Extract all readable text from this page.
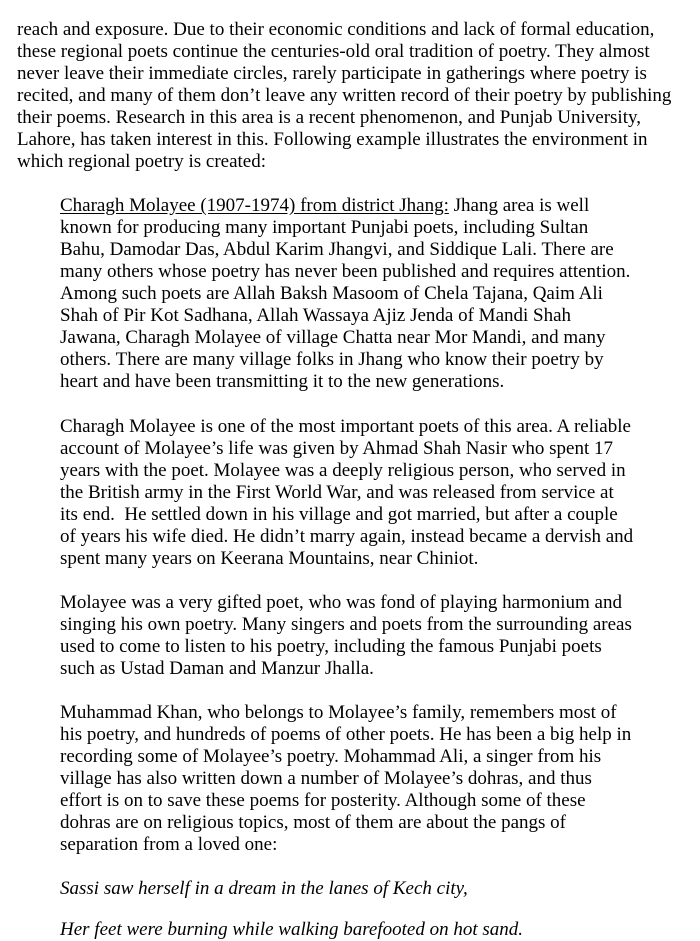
reach and exposure. Due to their economic conditions and lack of formal education,
these regional poets continue the centuries-old oral tradition of poetry. They almost
never leave their immediate circles, rarely participate in gatherings where poetry is
recited, and many of them don’t leave any written record of their poetry by publishing
their poems. Research in this area is a recent phenomenon, and Punjab University,
Lahore, has taken interest in this. Following example illustrates the environment in
which regional poetry is created:
Charagh Molayee (1907-1974) from district Jhang: Jhang area is well
known for producing many important Punjabi poets, including Sultan
Bahu, Damodar Das, Abdul Karim Jhangvi, and Siddique Lali. There are
many others whose poetry has never been published and requires attention.
Among such poets are Allah Baksh Masoom of Chela Tajana, Qaim Ali
Shah of Pir Kot Sadhana, Allah Wassaya Ajiz Jenda of Mandi Shah
Jawana, Charagh Molayee of village Chatta near Mor Mandi, and many
others. There are many village folks in Jhang who know their poetry by
heart and have been transmitting it to the new generations.
Charagh Molayee is one of the most important poets of this area. A reliable
account of Molayee’s life was given by Ahmad Shah Nasir who spent 17
years with the poet. Molayee was a deeply religious person, who served in
the British army in the First World War, and was released from service at
its end.  He settled down in his village and got married, but after a couple
of years his wife died. He didn’t marry again, instead became a dervish and
spent many years on Keerana Mountains, near Chiniot.
Molayee was a very gifted poet, who was fond of playing harmonium and
singing his own poetry. Many singers and poets from the surrounding areas
used to come to listen to his poetry, including the famous Punjabi poets
such as Ustad Daman and Manzur Jhalla.
Muhammad Khan, who belongs to Molayee’s family, remembers most of
his poetry, and hundreds of poems of other poets. He has been a big help in
recording some of Molayee’s poetry. Mohammad Ali, a singer from his
village has also written down a number of Molayee’s dohras, and thus
effort is on to save these poems for posterity. Although some of these
dohras are on religious topics, most of them are about the pangs of
separation from a loved one:
Sassi saw herself in a dream in the lanes of Kech city,
Her feet were burning while walking barefooted on hot sand.
